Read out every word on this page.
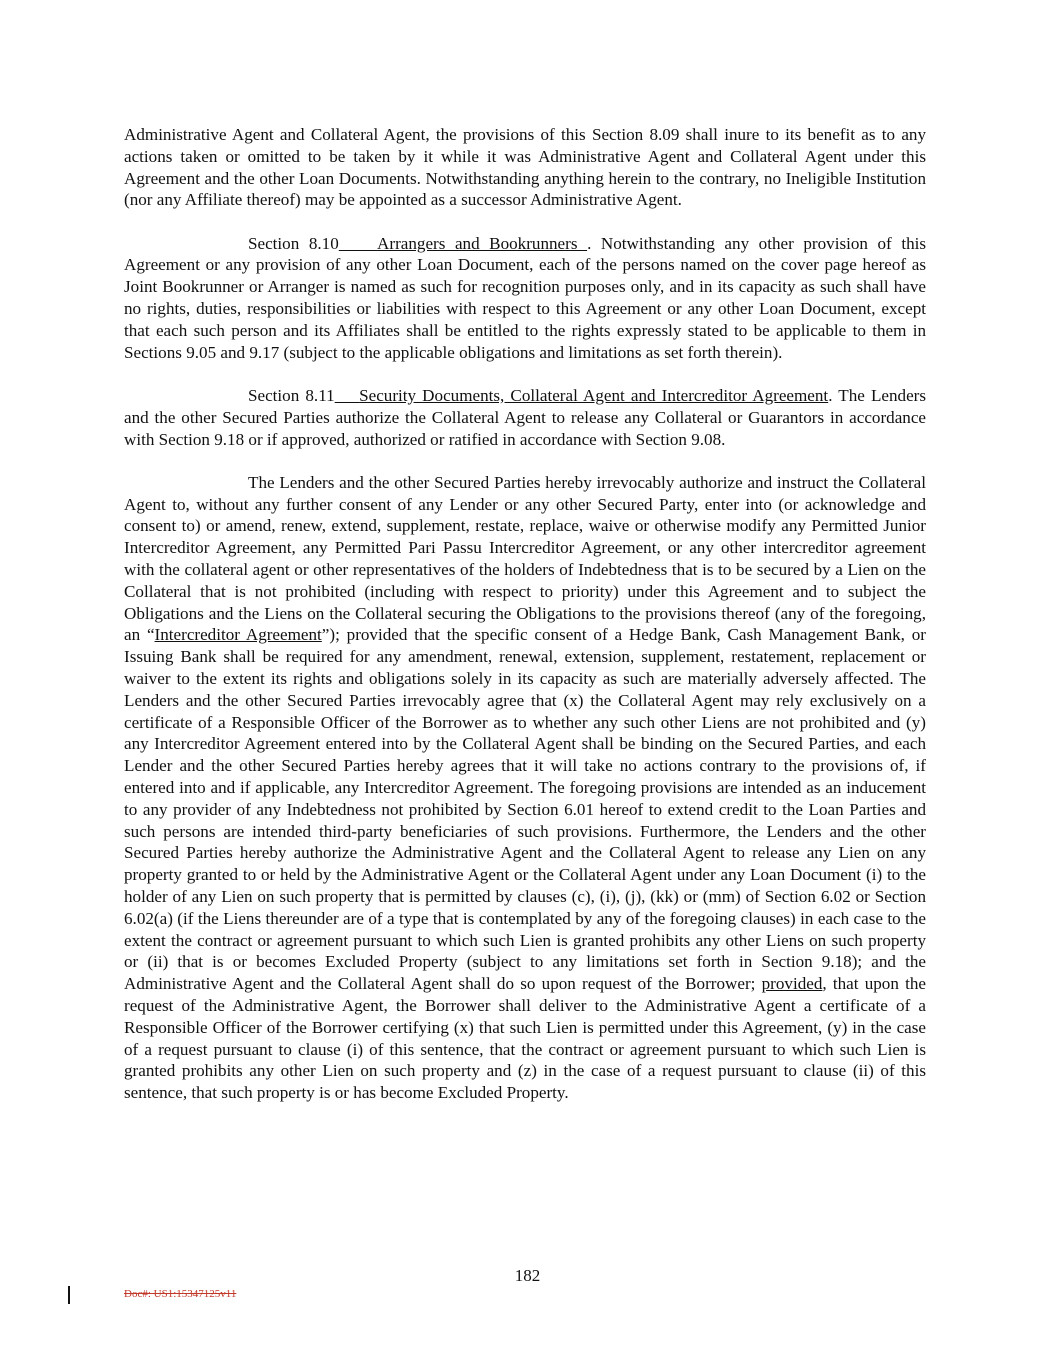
Administrative Agent and Collateral Agent, the provisions of this Section 8.09 shall inure to its benefit as to any actions taken or omitted to be taken by it while it was Administrative Agent and Collateral Agent under this Agreement and the other Loan Documents. Notwithstanding anything herein to the contrary, no Ineligible Institution (nor any Affiliate thereof) may be appointed as a successor Administrative Agent.

Section 8.10 Arrangers and Bookrunners . Notwithstanding any other provision of this Agreement or any provision of any other Loan Document, each of the persons named on the cover page hereof as Joint Bookrunner or Arranger is named as such for recognition purposes only, and in its capacity as such shall have no rights, duties, responsibilities or liabilities with respect to this Agreement or any other Loan Document, except that each such person and its Affiliates shall be entitled to the rights expressly stated to be applicable to them in Sections 9.05 and 9.17 (subject to the applicable obligations and limitations as set forth therein).

Section 8.11 Security Documents, Collateral Agent and Intercreditor Agreement. The Lenders and the other Secured Parties authorize the Collateral Agent to release any Collateral or Guarantors in accordance with Section 9.18 or if approved, authorized or ratified in accordance with Section 9.08.

The Lenders and the other Secured Parties hereby irrevocably authorize and instruct the Collateral Agent to, without any further consent of any Lender or any other Secured Party, enter into (or acknowledge and consent to) or amend, renew, extend, supplement, restate, replace, waive or otherwise modify any Permitted Junior Intercreditor Agreement, any Permitted Pari Passu Intercreditor Agreement, or any other intercreditor agreement with the collateral agent or other representatives of the holders of Indebtedness that is to be secured by a Lien on the Collateral that is not prohibited (including with respect to priority) under this Agreement and to subject the Obligations and the Liens on the Collateral securing the Obligations to the provisions thereof (any of the foregoing, an “Intercreditor Agreement”); provided that the specific consent of a Hedge Bank, Cash Management Bank, or Issuing Bank shall be required for any amendment, renewal, extension, supplement, restatement, replacement or waiver to the extent its rights and obligations solely in its capacity as such are materially adversely affected. The Lenders and the other Secured Parties irrevocably agree that (x) the Collateral Agent may rely exclusively on a certificate of a Responsible Officer of the Borrower as to whether any such other Liens are not prohibited and (y) any Intercreditor Agreement entered into by the Collateral Agent shall be binding on the Secured Parties, and each Lender and the other Secured Parties hereby agrees that it will take no actions contrary to the provisions of, if entered into and if applicable, any Intercreditor Agreement. The foregoing provisions are intended as an inducement to any provider of any Indebtedness not prohibited by Section 6.01 hereof to extend credit to the Loan Parties and such persons are intended third-party beneficiaries of such provisions. Furthermore, the Lenders and the other Secured Parties hereby authorize the Administrative Agent and the Collateral Agent to release any Lien on any property granted to or held by the Administrative Agent or the Collateral Agent under any Loan Document (i) to the holder of any Lien on such property that is permitted by clauses (c), (i), (j), (kk) or (mm) of Section 6.02 or Section 6.02(a) (if the Liens thereunder are of a type that is contemplated by any of the foregoing clauses) in each case to the extent the contract or agreement pursuant to which such Lien is granted prohibits any other Liens on such property or (ii) that is or becomes Excluded Property (subject to any limitations set forth in Section 9.18); and the Administrative Agent and the Collateral Agent shall do so upon request of the Borrower; provided, that upon the request of the Administrative Agent, the Borrower shall deliver to the Administrative Agent a certificate of a Responsible Officer of the Borrower certifying (x) that such Lien is permitted under this Agreement, (y) in the case of a request pursuant to clause (i) of this sentence, that the contract or agreement pursuant to which such Lien is granted prohibits any other Lien on such property and (z) in the case of a request pursuant to clause (ii) of this sentence, that such property is or has become Excluded Property.

182
Doc#: US1:15347125v11
